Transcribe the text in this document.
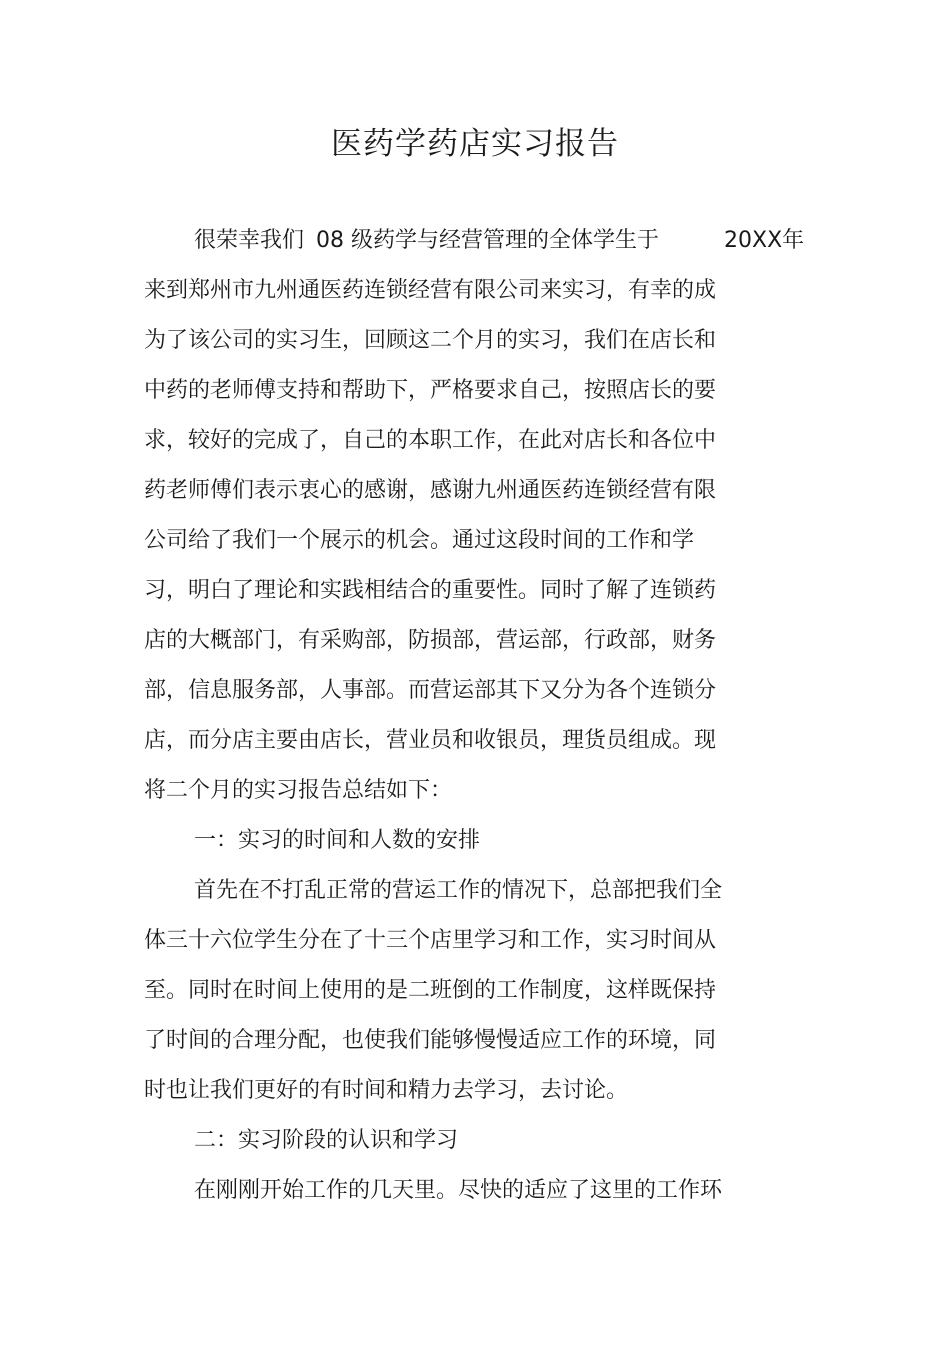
医药学药店实习报告
很荣幸我们 08 级药学与经营管理的全体学生于	20XX年
来到郑州市九州通医药连锁经营有限公司来实习，有幸的成
为了该公司的实习生，回顾这二个月的实习，我们在店长和
中药的老师傅支持和帮助下，严格要求自己，按照店长的要
求，较好的完成了，自己的本职工作，在此对店长和各位中
药老师傅们表示衷心的感谢，感谢九州通医药连锁经营有限
公司给了我们一个展示的机会。通过这段时间的工作和学
习，明白了理论和实践相结合的重要性。同时了解了连锁药
店的大概部门，有采购部，防损部，营运部，行政部，财务
部，信息服务部，人事部。而营运部其下又分为各个连锁分
店，而分店主要由店长，营业员和收银员，理货员组成。现
将二个月的实习报告总结如下：
一：实习的时间和人数的安排
首先在不打乱正常的营运工作的情况下，总部把我们全
体三十六位学生分在了十三个店里学习和工作，实习时间从
至。同时在时间上使用的是二班倒的工作制度，这样既保持
了时间的合理分配，也使我们能够慢慢适应工作的环境，同
时也让我们更好的有时间和精力去学习，去讨论。
二：实习阶段的认识和学习
在刚刚开始工作的几天里。尽快的适应了这里的工作环
